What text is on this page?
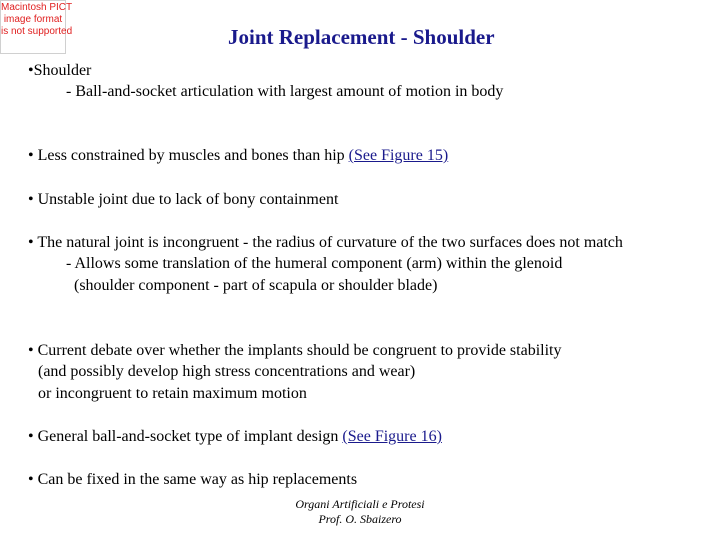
Macintosh PICT
image format
is not supported	Joint Replacement - Shoulder
•Shoulder
- Ball-and-socket articulation with largest amount of motion in body
• Less constrained by muscles and bones than hip (See Figure 15)
• Unstable joint due to lack of bony containment
• The natural joint is incongruent - the radius of curvature of the two surfaces does not match
- Allows some translation of the humeral component (arm) within the glenoid
(shoulder component - part of scapula or shoulder blade)
• Current debate over whether the implants should be congruent to provide stability
(and possibly develop high stress concentrations and wear)
or incongruent to retain maximum motion
• General ball-and-socket type of implant design (See Figure 16)
• Can be fixed in the same way as hip replacements
Organi Artificiali e Protesi
Prof. O. Sbaizero
